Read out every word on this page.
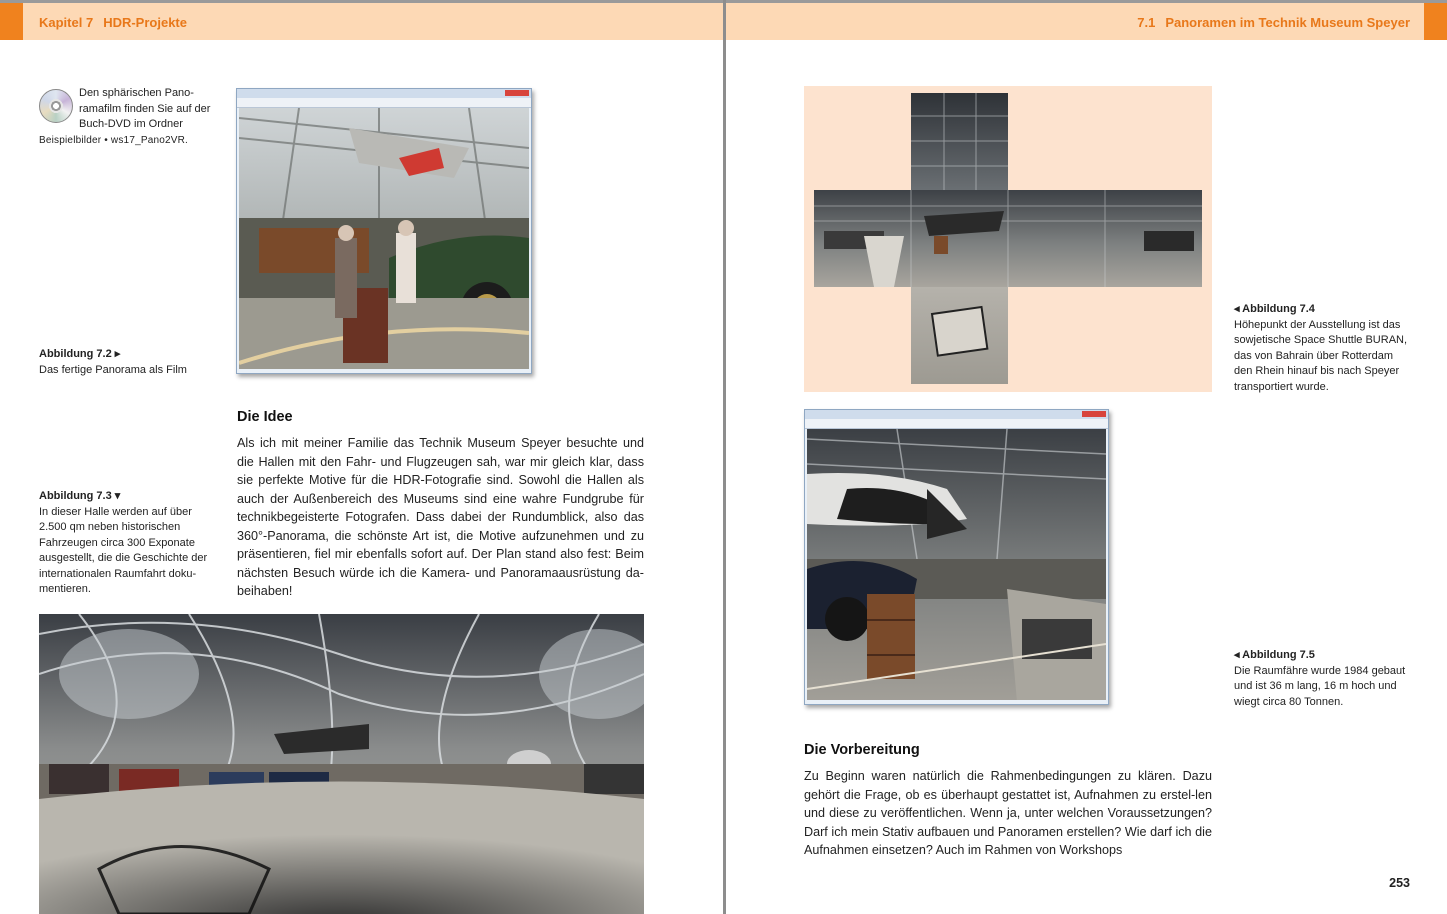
Kapitel 7 HDR-Projekte
Den sphärischen Pano-ramafilm finden Sie auf der Buch-DVD im Ordner
Beispielbilder • ws17_Pano2VR.
Abbildung 7.2 ▸
Das fertige Panorama als Film
Abbildung 7.3 ▾
In dieser Halle werden auf über 2.500 qm neben historischen Fahrzeugen circa 300 Exponate ausgestellt, die die Geschichte der internationalen Raumfahrt doku-mentieren.
Die Idee
Als ich mit meiner Familie das Technik Museum Speyer besuchte und die Hallen mit den Fahr- und Flugzeugen sah, war mir gleich klar, dass sie perfekte Motive für die HDR-Fotografie sind. Sowohl die Hallen als auch der Außenbereich des Museums sind eine wahre Fundgrube für technikbegeisterte Fotografen. Dass dabei der Rundumblick, also das 360°-Panorama, die schönste Art ist, die Motive aufzunehmen und zu präsentieren, fiel mir ebenfalls sofort auf. Der Plan stand also fest: Beim nächsten Besuch würde ich die Kamera- und Panoramaausrüstung da-beihaben!
7.1 Panoramen im Technik Museum Speyer
◂ Abbildung 7.4
Höhepunkt der Ausstellung ist das sowjetische Space Shuttle BURAN, das von Bahrain über Rotterdam den Rhein hinauf bis nach Speyer transportiert wurde.
◂ Abbildung 7.5
Die Raumfähre wurde 1984 gebaut und ist 36 m lang, 16 m hoch und wiegt circa 80 Tonnen.
Die Vorbereitung
Zu Beginn waren natürlich die Rahmenbedingungen zu klären. Dazu gehört die Frage, ob es überhaupt gestattet ist, Aufnahmen zu erstel-len und diese zu veröffentlichen. Wenn ja, unter welchen Voraussetzungen? Darf ich mein Stativ aufbauen und Panoramen erstellen? Wie darf ich die Aufnahmen einsetzen? Auch im Rahmen von Workshops
253
